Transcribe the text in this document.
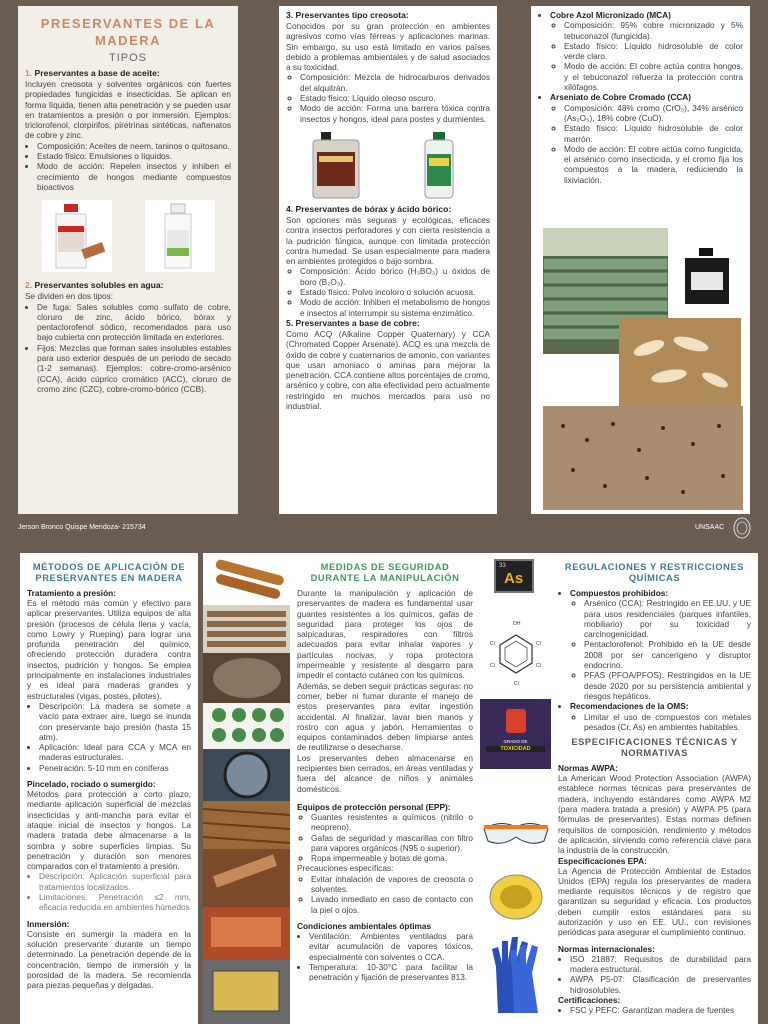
PRESERVANTES DE LA MADERA
TIPOS
1. Preservantes a base de aceite:
Incluyen creosota y solventes orgánicos con fuertes propiedades fungicidas e insecticidas. Se aplican en forma líquida, tienen alta penetración y se pueden usar en tratamientos a presión o por inmersión. Ejemplos: triclorofenol, clorpirifos, piretrinas sintéticas, naftenatos de cobre y zinc.
• Composición: Aceites de neem, taninos o quitosano.
• Estado físico: Emulsiones o líquidos.
• Modo de acción: Repelen insectos y inhiben el crecimiento de hongos mediante compuestos bioactivos
2. Preservantes solubles en agua:
Se dividen en dos tipos:
• De fuga: Sales solubles como sulfato de cobre, cloruro de zinc, ácido bórico, bórax y pentaclorofenol sódico, recomendados para uso bajo cubierta con protección limitada en exteriores.
• Fijos: Mezclas que forman sales insolubles estables para uso exterior después de un periodo de secado (1-2 semanas). Ejemplos: cobre-cromo-arsénico (CCA), ácido cúprico cromático (ACC), cloruro de cromo zinc (CZC), cobre-cromo-bórico (CCB).
3. Preservantes tipo creosota:
Conocidos por su gran protección en ambientes agresivos como vías férreas y aplicaciones marinas. Sin embargo, su uso está limitado en varios países debido a problemas ambientales y de salud asociados a su toxicidad.
◦ Composición: Mezcla de hidrocarburos derivados del alquitrán.
◦ Estado físico: Líquido oleoso oscuro.
◦ Modo de acción: Forma una barrera tóxica contra insectos y hongos, ideal para postes y durmientes.
4. Preservantes de bórax y ácido bórico:
Son opciones más seguras y ecológicas, eficaces contra insectos perforadores y con cierta resistencia a la pudrición fúngica, aunque con limitada protección contra humedad. Se usan especialmente para madera en ambientes protegidos o bajo sombra.
◦ Composición: Ácido bórico (H₃BO₃) u óxidos de boro (B₂O₃).
◦ Estado físico: Polvo incoloro o solución acuosa.
◦ Modo de acción: Inhiben el metabolismo de hongos e insectos al interrumpir su sistema enzimático.
5. Preservantes a base de cobre:
Como ACQ (Alkaline Copper Quaternary) y CCA (Chromated Copper Arsenate). ACQ es una mezcla de óxido de cobre y cuaternarios de amonio, con variantes que usan amoniaco o aminas para mejorar la penetración. CCA contiene altos porcentajes de cromo, arsénico y cobre, con alta efectividad pero actualmente restringido en muchos mercados para uso no industrial.
• Cobre Azol Micronizado (MCA)
◦ Composición: 95% cobre micronizado y 5% tebuconazol (fungicida).
◦ Estado físico: Líquido hidrosoluble de color verde claro.
◦ Modo de acción: El cobre actúa contra hongos, y el tebuconazol refuerza la protección contra xilófagos.
• Arseniato de Cobre Cromado (CCA)
◦ Composición: 48% cromo (CrO₃), 34% arsénico (As₂O₅), 18% cobre (CuO).
◦ Estado físico: Líquido hidrosoluble de color marrón.
◦ Modo de acción: El cobre actúa como fungicida, el arsénico como insecticida, y el cromo fija los compuestos a la madera, reduciendo la lixiviación.
Jerson Bronco Quispe Mendoza- 215734	UNSAAC
MÉTODOS DE APLICACIÓN DE PRESERVANTES EN MADERA
Tratamiento a presión:
Es el método más común y efectivo para aplicar preservantes. Utiliza equipos de alta presión (procesos de célula llena y vacía, como Lowry y Rueping) para lograr una profunda penetración del químico, ofreciendo protección duradera contra insectos, pudrición y hongos. Se emplea principalmente en instalaciones industriales y es ideal para maderas grandes y estructurales (vigas, postes, pilotes).
• Descripción: La madera se somete a vacío para extraer aire, luego se inunda con preservante bajo presión (hasta 15 atm).
• Aplicación: Ideal para CCA y MCA en maderas estructurales.
• Penetración: 5-10 mm en coníferas
Pincelado, rociado o sumergido:
Métodos para protección a corto plazo, mediante aplicación superficial de mezclas insecticidas y anti-mancha para evitar el ataque inicial de insectos y hongos. La madera tratada debe almacenarse a la sombra y sobre superficies limpias. Su penetración y duración son menores comparados con el tratamiento a presión.
• Descripción: Aplicación superficial para tratamientos localizados.
• Limitaciones: Penetración ≤2 mm, eficacia reducida en ambientes húmedos
Inmersión:
Consiste en sumergir la madera en la solución preservante durante un tiempo determinado. La penetración depende de la concentración, tiempo de inmersión y la porosidad de la madera. Se recomienda para piezas pequeñas y delgadas.
MEDIDAS DE SEGURIDAD DURANTE LA MANIPULACIÓN
Durante la manipulación y aplicación de preservantes de madera es fundamental usar guantes resistentes a los químicos, gafas de seguridad para proteger los ojos de salpicaduras, respiradores con filtros adecuados para evitar inhalar vapores y partículas nocivas, y ropa protectora impermeable y resistente al desgarro para impedir el contacto cutáneo con los químicos.
Además, se deben seguir prácticas seguras: no comer, beber ni fumar durante el manejo de estos preservantes para evitar ingestión accidental. Al finalizar, lavar bien manos y rostro con agua y jabón. Herramientas o equipos contaminados deben limpiarse antes de reutilizarse o desecharse.
Los preservantes deben almacenarse en recipientes bien cerrados, en áreas ventiladas y fuera del alcance de niños y animales domésticos.
Equipos de protección personal (EPP):
◦ Guantes resistentes a químicos (nitrilo o neopreno).
◦ Gafas de seguridad y mascarillas con filtro para vapores orgánicos (N95 o superior).
◦ Ropa impermeable y botas de goma.
Precauciones específicas:
◦ Evitar inhalación de vapores de creosota o solventes.
◦ Lavado inmediato en caso de contacto con la piel o ojos.
Condiciones ambientales óptimas
• Ventilación: Ambientes ventilados para evitar acumulación de vapores tóxicos, especialmente con solventes o CCA.
• Temperatura: 10-30°C para facilitar la penetración y fijación de preservantes 813.
33
As
OH
Cl
Cl
Cl
Cl
Cl
GRADO DE
TOXICIDAD
REGULACIONES Y RESTRICCIONES QUÍMICAS
• Compuestos prohibidos:
◦ Arsénico (CCA): Restringido en EE.UU. y UE para usos residenciales (parques infantiles, mobiliario) por su toxicidad y carcinogenicidad.
◦ Pentaclorofenol: Prohibido en la UE desde 2008 por ser cancerígeno y disruptor endocrino.
◦ PFAS (PFOA/PFOS): Restringidos en la UE desde 2020 por su persistencia ambiental y riesgos hepáticos.
• Recomendaciones de la OMS:
◦ Limitar el uso de compuestos con metales pesados (Cr, As) en ambientes habitables.
ESPECIFICACIONES TÉCNICAS Y NORMATIVAS
Normas AWPA:
La American Wood Protection Association (AWPA) establece normas técnicas para preservantes de madera, incluyendo estándares como AWPA M2 (para madera tratada a presión) y AWPA P5 (para fórmulas de preservantes). Estas normas definen requisitos de composición, rendimiento y métodos de aplicación, sirviendo como referencia clave para la industria de la construcción.
Especificaciones EPA:
La Agencia de Protección Ambiental de Estados Unidos (EPA) regula los preservantes de madera mediante requisitos técnicos y de registro que garantizan su seguridad y eficacia. Los productos deben cumplir estos estándares para su autorización y uso en EE. UU., con revisiones periódicas para asegurar el cumplimiento continuo.
Normas internacionales:
• ISO 21887: Requisitos de durabilidad para madera estructural.
• AWPA P5-07: Clasificación de preservantes hidrosolubles.
Certificaciones:
• FSC y PEFC: Garantizan madera de fuentes
